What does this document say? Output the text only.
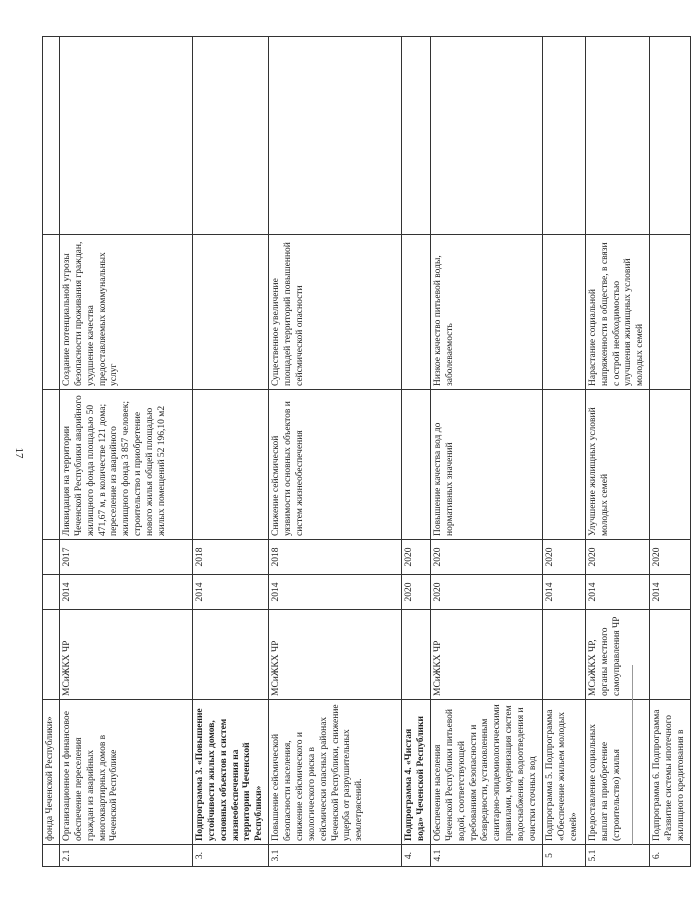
17
	фонда Чеченской Республики»						
2.1	Организационное и финансовое обеспечение переселения граждан из аварийных многоквартирных домов в Чеченской Республике	МСиЖКХ ЧР	2014	2017	Ликвидация на территории Чеченской Республики аварийного жилищного фонда площадью 50 471,67 м, в количестве 121 дома; переселение из аварийного жилищного фонда 3 857 человек; строительство и приобретение нового жилья общей площадью жилых помещений 52 196,10 м2	Создание потенциальной угрозы безопасности проживания граждан, ухудшение качества предоставляемых коммунальных услуг	
3.	Подпрограмма 3. «Повышение устойчивости жилых домов, основных объектов и систем жизнеобеспечения на территории Чеченской Республики»		2014	2018			
3.1	Повышение сейсмической безопасности населения, снижение сейсмического и экологического риска в сейсмически опасных районах Чеченской Республики, снижение ущерба от разрушительных землетрясений.	МСиЖКХ ЧР	2014	2018	Снижение сейсмической уязвимости основных объектов и систем жизнеобеспечения	Существенное увеличение площадей территорий повышенной сейсмической опасности	
4.	Подпрограмма 4. «Чистая вода» Чеченской Республики		2020	2020			
4.1	Обеспечение населения Чеченской Республики питьевой водой, соответствующей требованиям безопасности и безвредности, установленным санитарно-эпидемиологическими правилами, модернизация систем водоснабжения, водоотведения и очистки сточных вод	МСиЖКХ ЧР	2020	2020	Повышение качества вод до нормативных значений	Низкое качество питьевой воды, заболеваемость	
5	Подпрограмма 5. Подпрограмма «Обеспечение жильем молодых семей»		2014	2020			
5.1	Предоставление социальных выплат на приобретение (строительство) жилья	МСиЖКХ ЧР, органы местного самоуправления ЧР	2014	2020	Улучшение жилищных условий молодых семей	Нарастание социальной напряженности в обществе, в связи с острой необходимостью улучшения жилищных условий молодых семей	
6.	Подпрограмма 6. Подпрограмма «Развитие системы ипотечного жилищного кредитования в		2014	2020			
